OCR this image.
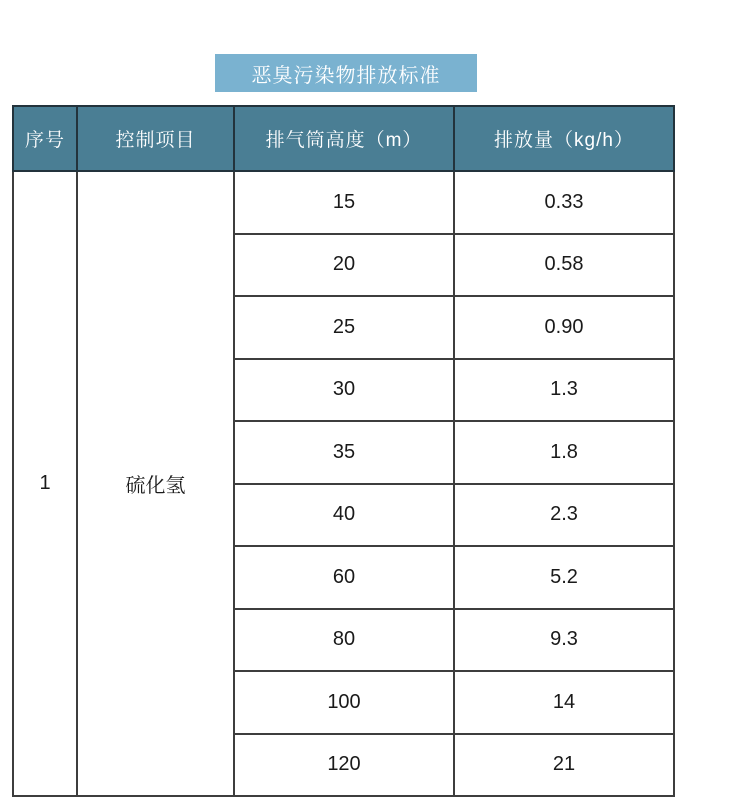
恶臭污染物排放标准
序号	控制项目	排气筒高度（m）	排放量（kg/h）
1	硫化氢	15	0.33
		20	0.58
		25	0.90
		30	1.3
		35	1.8
		40	2.3
		60	5.2
		80	9.3
		100	14
		120	21
